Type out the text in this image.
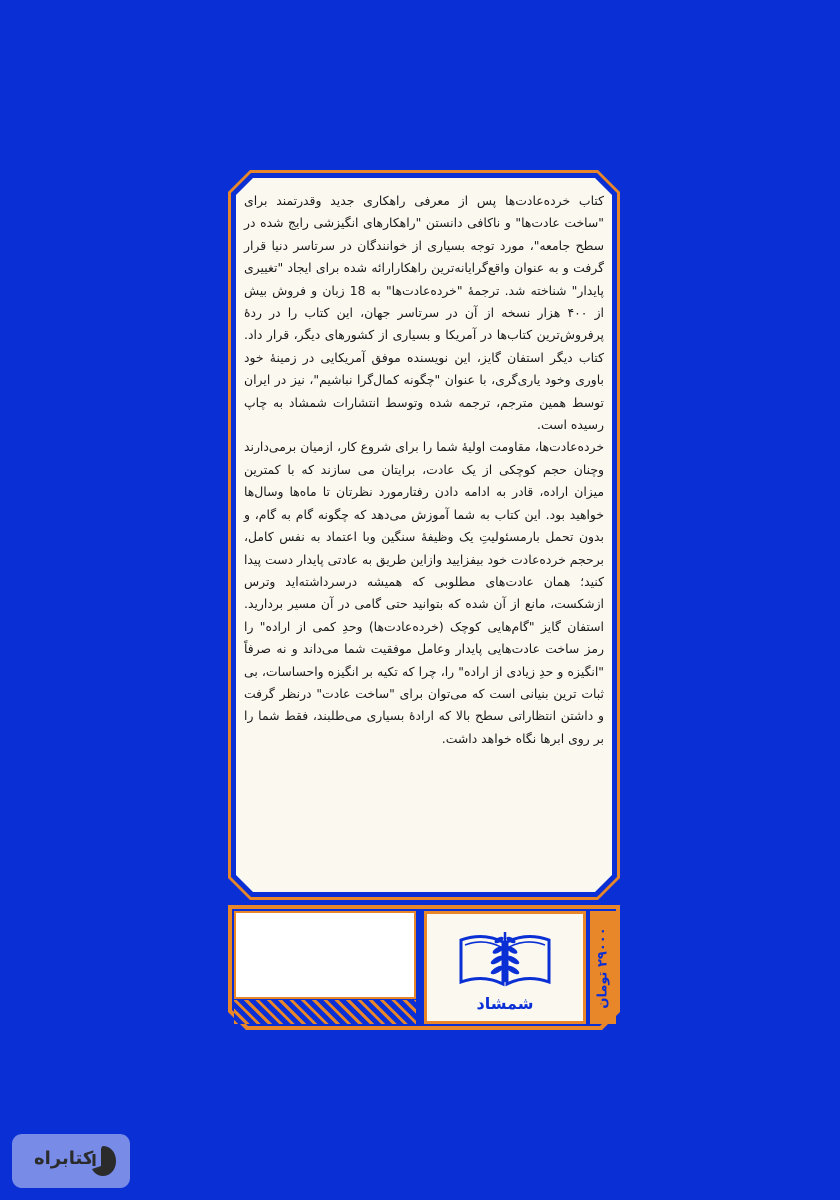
کتاب خرده‌عادت‌ها پس از معرفی راهکاری جدید وقدرتمند برای "ساخت عادت‌ها" و ناکافی دانستن "راهکارهای انگیزشی رایج شده در سطح جامعه"، مورد توجه بسیاری از خوانندگان در سرتاسر دنیا قرار گرفت و به عنوان واقع‌گرایانه‌ترین راهکارارائه شده برای ایجاد "تغییری پایدار" شناخته شد. ترجمهٔ "خرده‌عادت‌ها" به 18 زبان و فروش بیش از ۴۰۰ هزار نسخه از آن در سرتاسر جهان، این کتاب را در ردهٔ پرفروش‌ترین کتاب‌ها در آمریکا و بسیاری از کشورهای دیگر، قرار داد. کتاب دیگر استفان گایز، این نویسنده موفق آمریکایی در زمینهٔ خود باوری وخود یاری‌گری، با عنوان "چگونه کمال‌گرا نباشیم"، نیز در ایران توسط همین مترجم، ترجمه شده وتوسط انتشارات شمشاد به چاپ رسیده است.

خرده‌عادت‌ها، مقاومت اولیهٔ شما را برای شروع کار، ازمیان برمی‌دارند وچنان حجم کوچکی از یک عادت، برایتان می سازند که با کمترین میزان اراده، قادر به ادامه دادن رفتارمورد نظرتان تا ماه‌ها وسال‌ها خواهید بود. این کتاب به شما آموزش می‌دهد که چگونه گام به گام، و بدون تحمل بارمسئولیتِ یک وظیفهٔ سنگین وبا اعتماد به نفس کامل، برحجم خرده‌عادت خود بیفزایید وازاین طریق به عادتی پایدار دست پیدا کنید؛ همان عادت‌های مطلوبی که همیشه درسرداشته‌اید وترس ازشکست، مانع از آن شده که بتوانید حتی گامی در آن مسیر بردارید. استفان گایز "گام‌هایی کوچک (خرده‌عادت‌ها) وحدِ کمی از اراده" را رمز ساخت عادت‌هایی پایدار وعامل موفقیت شما می‌داند و نه صرفاً "انگیزه و حدِ زیادی از اراده" را، چرا که تکیه بر انگیزه واحساسات، بی ثبات ترین بنیانی است که می‌توان برای "ساخت عادت" درنظر گرفت و داشتن انتظاراتی سطح بالا که ارادهٔ بسیاری می‌طلبند، فقط شما را بر روی ابرها نگاه خواهد داشت.

شمشاد	۲۹۰۰۰ تومان
کتابراه
